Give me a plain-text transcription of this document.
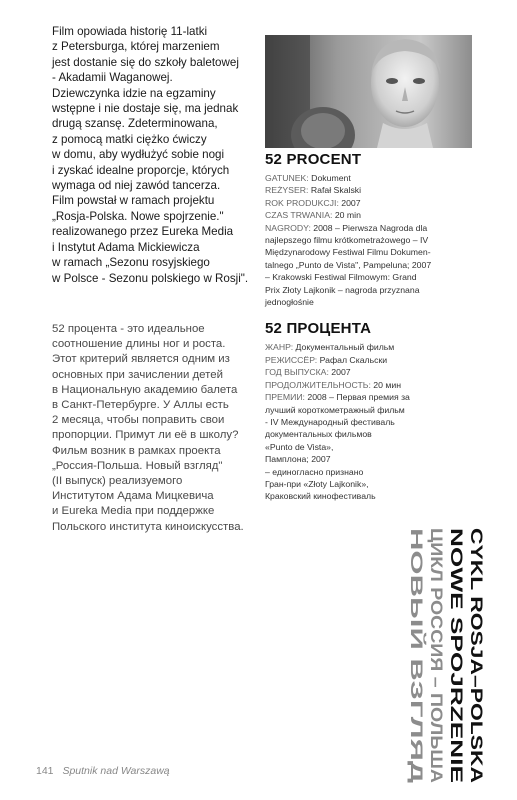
Film opowiada historię 11-latki
z Petersburga, której marzeniem
jest dostanie się do szkoły baletowej
- Akadamii Waganowej.
Dziewczynka idzie na egzaminy
wstępne i nie dostaje się, ma jednak
drugą szansę. Zdeterminowana,
z pomocą matki ciężko ćwiczy
w domu, aby wydłużyć sobie nogi
i zyskać idealne proporcje, których
wymaga od niej zawód tancerza.
Film powstał w ramach projektu
„Rosja-Polska. Nowe spojrzenie."
realizowanego przez Eureka Media
i Instytut Adama Mickiewicza
w ramach „Sezonu rosyjskiego
w Polsce - Sezonu polskiego w Rosji".

52 процента - это идеальное
соотношение длины ног и роста.
Этот критерий является одним из
основных при зачислении детей
в Национальную академию балета
в Санкт-Петербурге. У Аллы есть
2 месяца, чтобы поправить свои
пропорции. Примут ли её в школу?
Фильм возник в рамках проекта
„Россия-Польша. Новый взгляд"
(II выпуск) реализуемого
Институтом Адама Мицкевича
и Eureka Media при поддержке
Польского института киноискусства.

52 PROCENT
GATUNEK: Dokument
REŻYSER: Rafał Skalski
ROK PRODUKCJI: 2007
CZAS TRWANIA: 20 min
NAGRODY: 2008 – Pierwsza Nagroda dla
najlepszego filmu krótkometrażowego – IV
Międzynarodowy Festiwal Filmu Dokumen-
talnego „Punto de Vista", Pampeluna; 2007
– Krakowski Festiwal Filmowym: Grand
Prix Złoty Lajkonik – nagroda przyznana
jednogłośnie
52 ПРОЦЕНТА
ЖАНР: Документальный фильм
РЕЖИССЁР: Рафал Скальски
ГОД ВЫПУСКА: 2007
ПРОДОЛЖИТЕЛЬНОСТЬ: 20 мин
ПРЕМИИ: 2008 – Первая премия за
лучший короткометражный фильм
- IV Международный фестиваль
документальных фильмов
«Punto de Vista»,
Памплона; 2007
– единогласно признано
Гран-при «Złoty Lajkonik»,
Краковский кинофестиваль
CYKL ROSJA–POLSKA
NOWE SPOJRZENIE
ЦИКЛ РОССИЯ – ПОЛЬША
НОВЫЙ ВЗГЛЯД
141 Sputnik nad Warszawą
